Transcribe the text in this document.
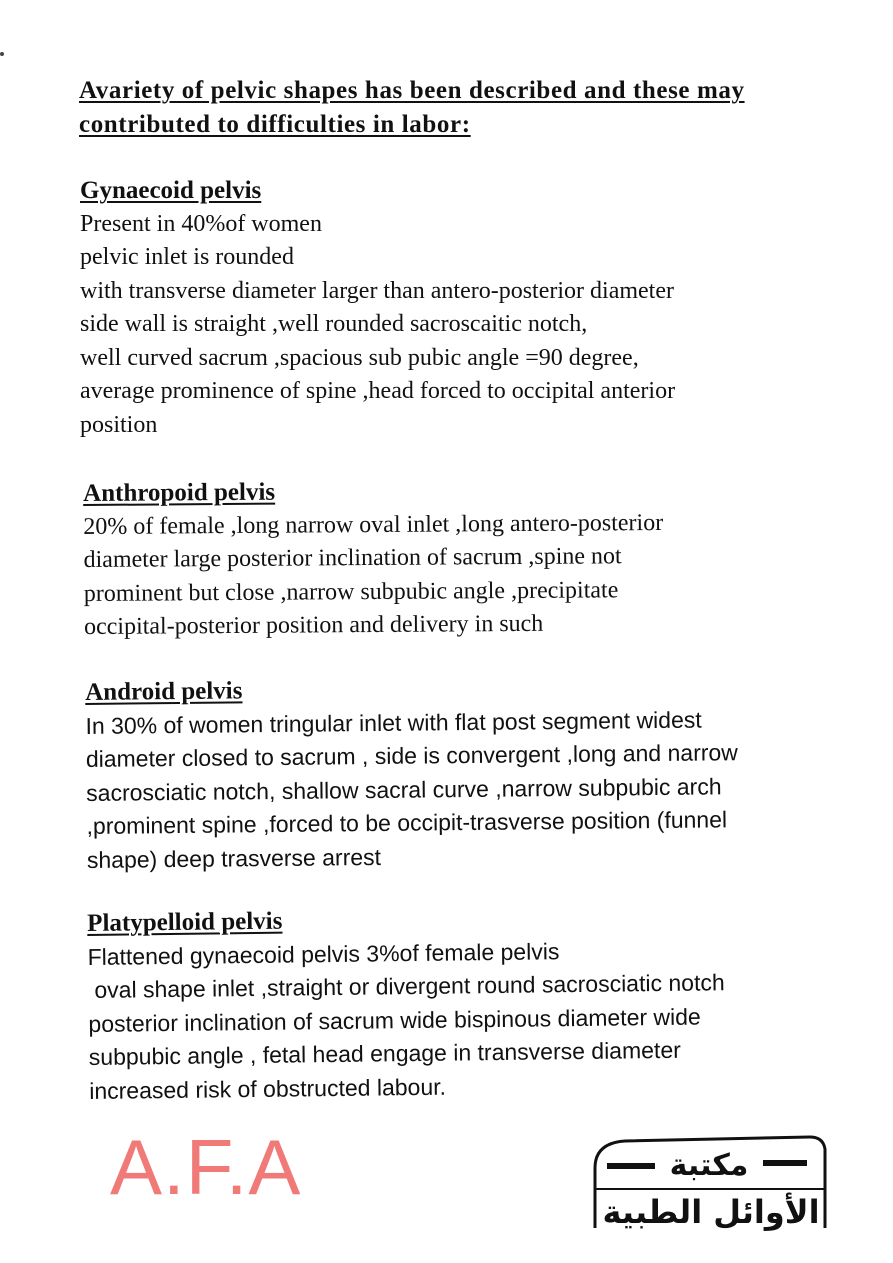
Avariety of pelvic shapes has been described and these may
contributed to difficulties in labor:
Gynaecoid pelvis
Present in 40%of women
pelvic inlet is rounded
with transverse diameter larger than antero-posterior diameter
side wall is straight ,well rounded sacroscaitic notch,
well curved sacrum ,spacious sub pubic angle =90 degree,
average prominence of spine ,head forced to occipital anterior
position
Anthropoid pelvis
20% of female ,long narrow oval inlet ,long antero-posterior
diameter large posterior inclination of sacrum ,spine not
prominent but close ,narrow subpubic angle ,precipitate
occipital-posterior position and delivery in such
Android pelvis
In 30% of women tringular inlet with flat post segment widest
diameter closed to sacrum , side is convergent ,long and narrow
sacrosciatic notch, shallow sacral curve ,narrow subpubic arch
,prominent spine ,forced to be occipit-trasverse position (funnel
shape) deep trasverse arrest
Platypelloid pelvis
Flattened gynaecoid pelvis 3%of female pelvis
oval shape inlet ,straight or divergent round sacrosciatic notch
posterior inclination of sacrum wide bispinous diameter wide
subpubic angle , fetal head engage in transverse diameter
increased risk of obstructed labour.
A.F.A	مكتبة
الأوائل الطبية
